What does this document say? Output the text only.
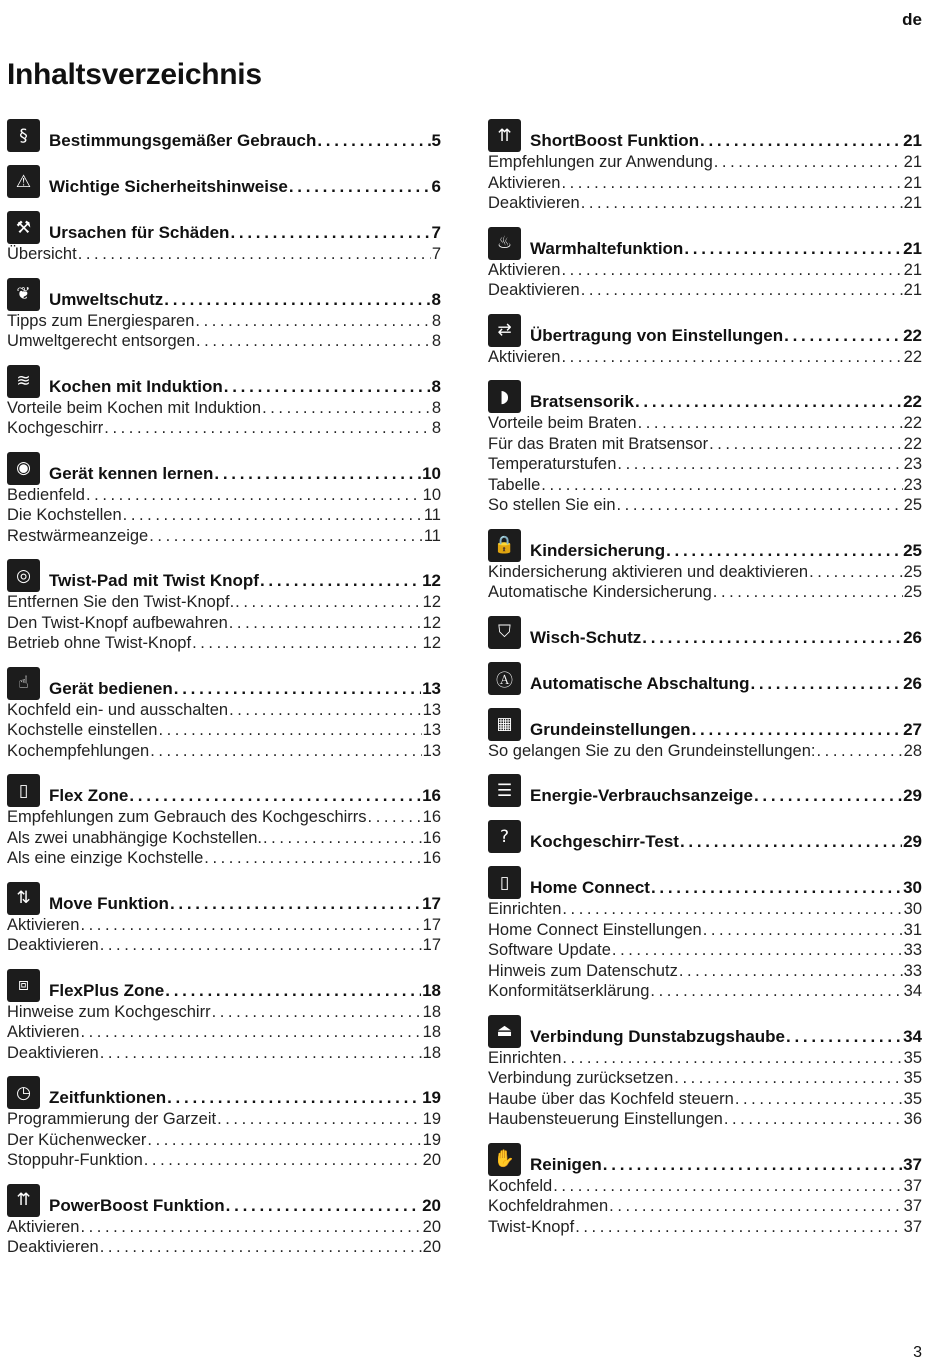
de
Inhaltsverzeichnis
§	Bestimmungsgemäßer Gebrauch . . .	5
⚠	Wichtige Sicherheitshinweise . . .	6
⚒	Ursachen für Schäden . . .	7
Übersicht . . .	7
❦	Umweltschutz . . .	8
Tipps zum Energiesparen . . .	8
Umweltgerecht entsorgen . . .	8
≋	Kochen mit Induktion . . .	8
Vorteile beim Kochen mit Induktion . . .	8
Kochgeschirr . . .	8
◉	Gerät kennen lernen . . .	10
Bedienfeld . . .	10
Die Kochstellen . . .	11
Restwärmeanzeige . . .	11
◎	Twist-Pad mit Twist Knopf . . .	12
Entfernen Sie den Twist-Knopf. . . .	12
Den Twist-Knopf aufbewahren . . .	12
Betrieb ohne Twist-Knopf . . .	12
☝	Gerät bedienen . . .	13
Kochfeld ein- und ausschalten . . .	13
Kochstelle einstellen . . .	13
Kochempfehlungen . . .	13
▯	Flex Zone . . .	16
Empfehlungen zum Gebrauch des Kochgeschirrs . . .	16
Als zwei unabhängige Kochstellen. . . .	16
Als eine einzige Kochstelle . . .	16
⇅	Move Funktion . . .	17
Aktivieren . . .	17
Deaktivieren . . .	17
⧈	FlexPlus Zone . . .	18
Hinweise zum Kochgeschirr . . .	18
Aktivieren . . .	18
Deaktivieren . . .	18
◷	Zeitfunktionen . . .	19
Programmierung der Garzeit . . .	19
Der Küchenwecker . . .	19
Stoppuhr-Funktion . . .	20
⇈	PowerBoost Funktion . . .	20
Aktivieren . . .	20
Deaktivieren . . .	20
⇈	ShortBoost Funktion . . .	21
Empfehlungen zur Anwendung . . .	21
Aktivieren . . .	21
Deaktivieren . . .	21
♨	Warmhaltefunktion . . .	21
Aktivieren . . .	21
Deaktivieren . . .	21
⇄	Übertragung von Einstellungen . . .	22
Aktivieren . . .	22
◗	Bratsensorik . . .	22
Vorteile beim Braten . . .	22
Für das Braten mit Bratsensor . . .	22
Temperaturstufen . . .	23
Tabelle . . .	23
So stellen Sie ein . . .	25
🔒 Kindersicherung . . .	25
Kindersicherung aktivieren und deaktivieren . . .	25
Automatische Kindersicherung . . .	25
⛉	Wisch-Schutz . . .	26
Ⓐ	Automatische Abschaltung . . .	26
▦	Grundeinstellungen . . .	27
So gelangen Sie zu den Grundeinstellungen: . . .	28
☰	Energie-Verbrauchsanzeige . . .	29
?	Kochgeschirr-Test . . .	29
▯	Home Connect . . .	30
Einrichten . . .	30
Home Connect Einstellungen . . .	31
Software Update . . .	33
Hinweis zum Datenschutz . . .	33
Konformitätserklärung . . .	34
⏏	Verbindung Dunstabzugshaube . . .	34
Einrichten . . .	35
Verbindung zurücksetzen . . .	35
Haube über das Kochfeld steuern . . .	35
Haubensteuerung Einstellungen . . .	36
✋ Reinigen . . .	37
Kochfeld . . .	37
Kochfeldrahmen . . .	37
Twist-Knopf . . .	37
3
